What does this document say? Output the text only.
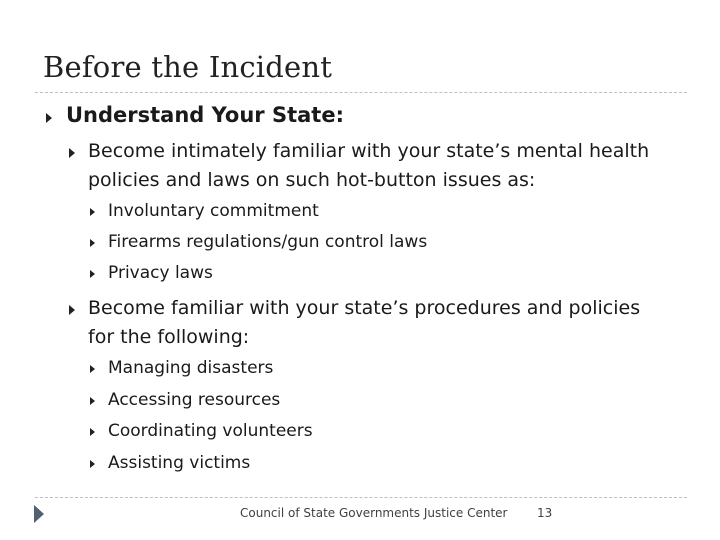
Before the Incident
Understand Your State:
Become intimately familiar with your state’s mental health
policies and laws on such hot-button issues as:
Involuntary commitment
Firearms regulations/gun control laws
Privacy laws
Become familiar with your state’s procedures and policies
for the following:
Managing disasters
Accessing resources
Coordinating volunteers
Assisting victims
Council of State Governments Justice Center 13
